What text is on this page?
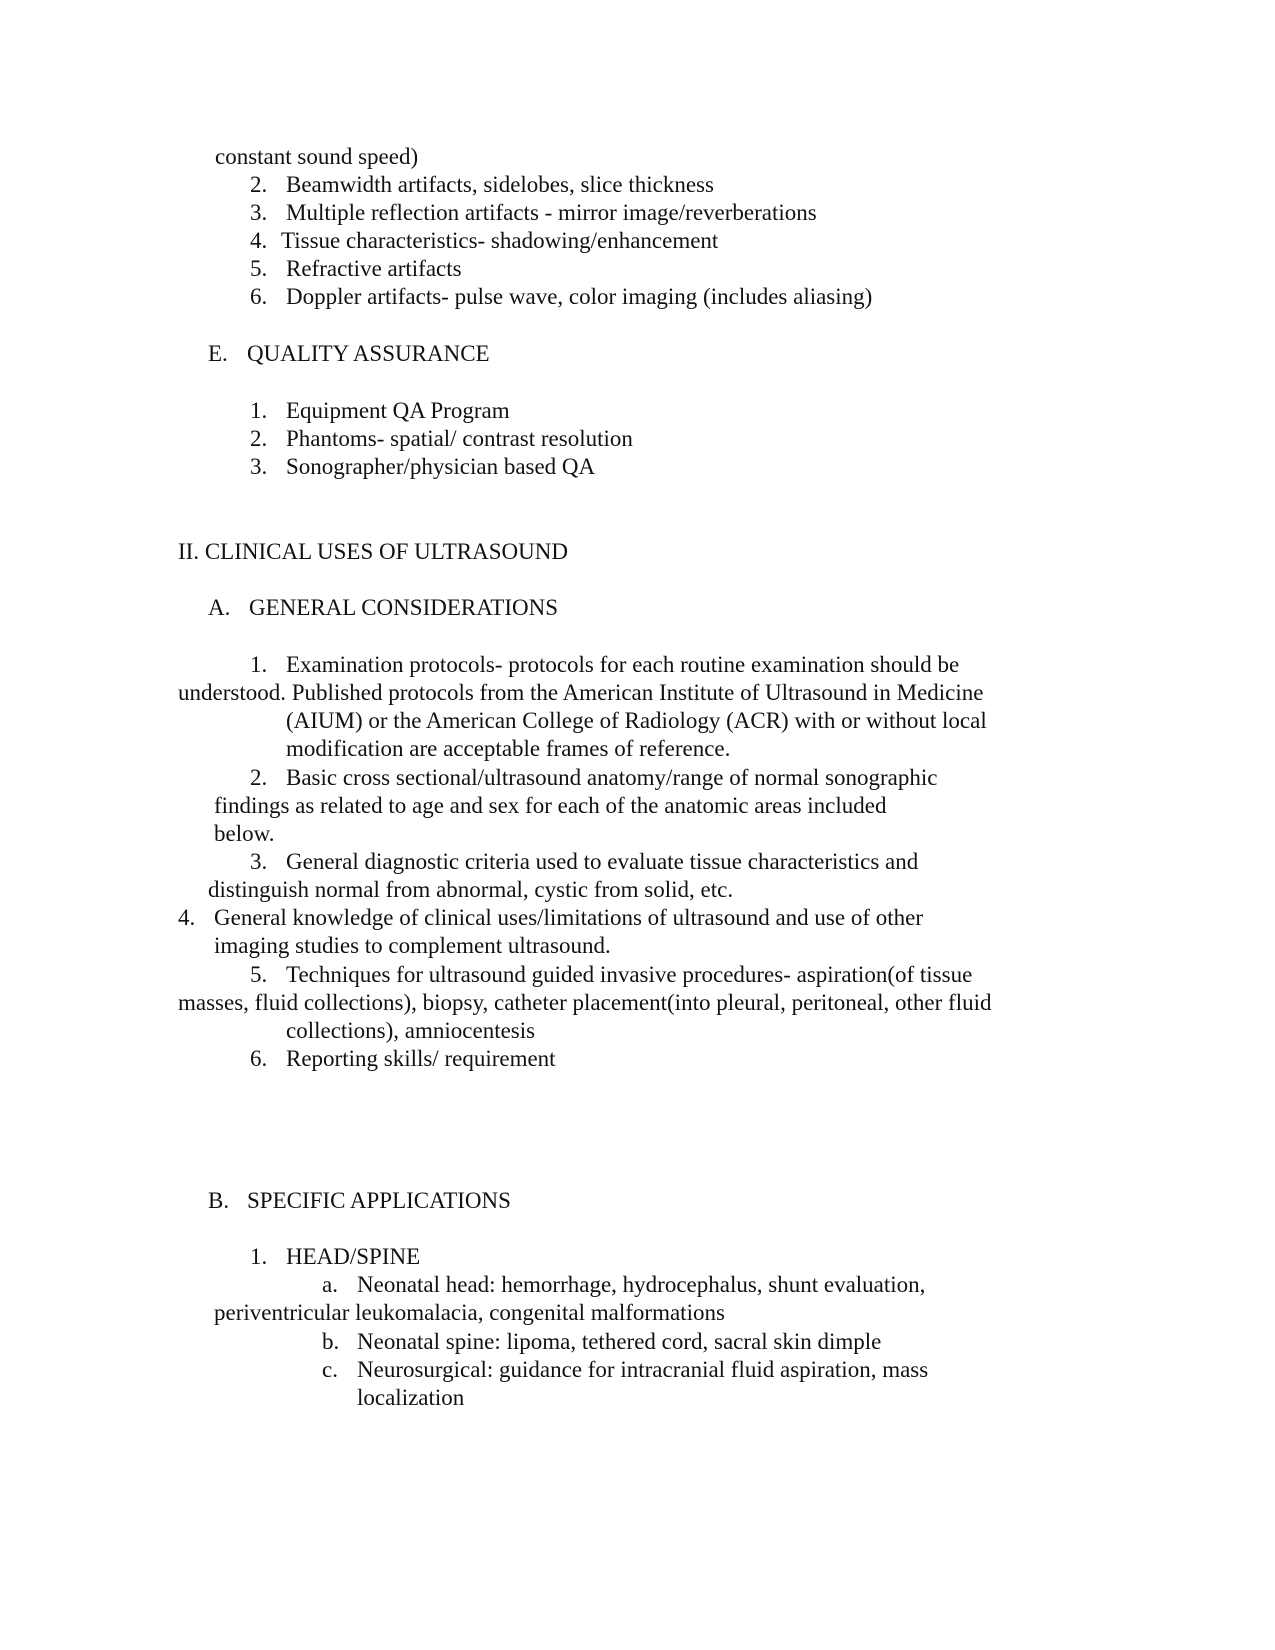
constant sound speed)
2. Beamwidth artifacts, sidelobes, slice thickness
3. Multiple reflection artifacts - mirror image/reverberations
4. Tissue characteristics- shadowing/enhancement
5. Refractive artifacts
6. Doppler artifacts- pulse wave, color imaging (includes aliasing)
E. QUALITY ASSURANCE
1. Equipment QA Program
2. Phantoms- spatial/ contrast resolution
3. Sonographer/physician based QA
II. CLINICAL USES OF ULTRASOUND
A. GENERAL CONSIDERATIONS
1. Examination protocols- protocols for each routine examination should be
understood. Published protocols from the American Institute of Ultrasound in Medicine
(AIUM) or the American College of Radiology (ACR) with or without local
modification are acceptable frames of reference.
2. Basic cross sectional/ultrasound anatomy/range of normal sonographic
findings as related to age and sex for each of the anatomic areas included
below.
3. General diagnostic criteria used to evaluate tissue characteristics and
distinguish normal from abnormal, cystic from solid, etc.
4. General knowledge of clinical uses/limitations of ultrasound and use of other
imaging studies to complement ultrasound.
5. Techniques for ultrasound guided invasive procedures- aspiration(of tissue
masses, fluid collections), biopsy, catheter placement(into pleural, peritoneal, other fluid
collections), amniocentesis
6. Reporting skills/ requirement
B. SPECIFIC APPLICATIONS
1. HEAD/SPINE
a. Neonatal head: hemorrhage, hydrocephalus, shunt evaluation,
periventricular leukomalacia, congenital malformations
b. Neonatal spine: lipoma, tethered cord, sacral skin dimple
c. Neurosurgical: guidance for intracranial fluid aspiration, mass
localization
